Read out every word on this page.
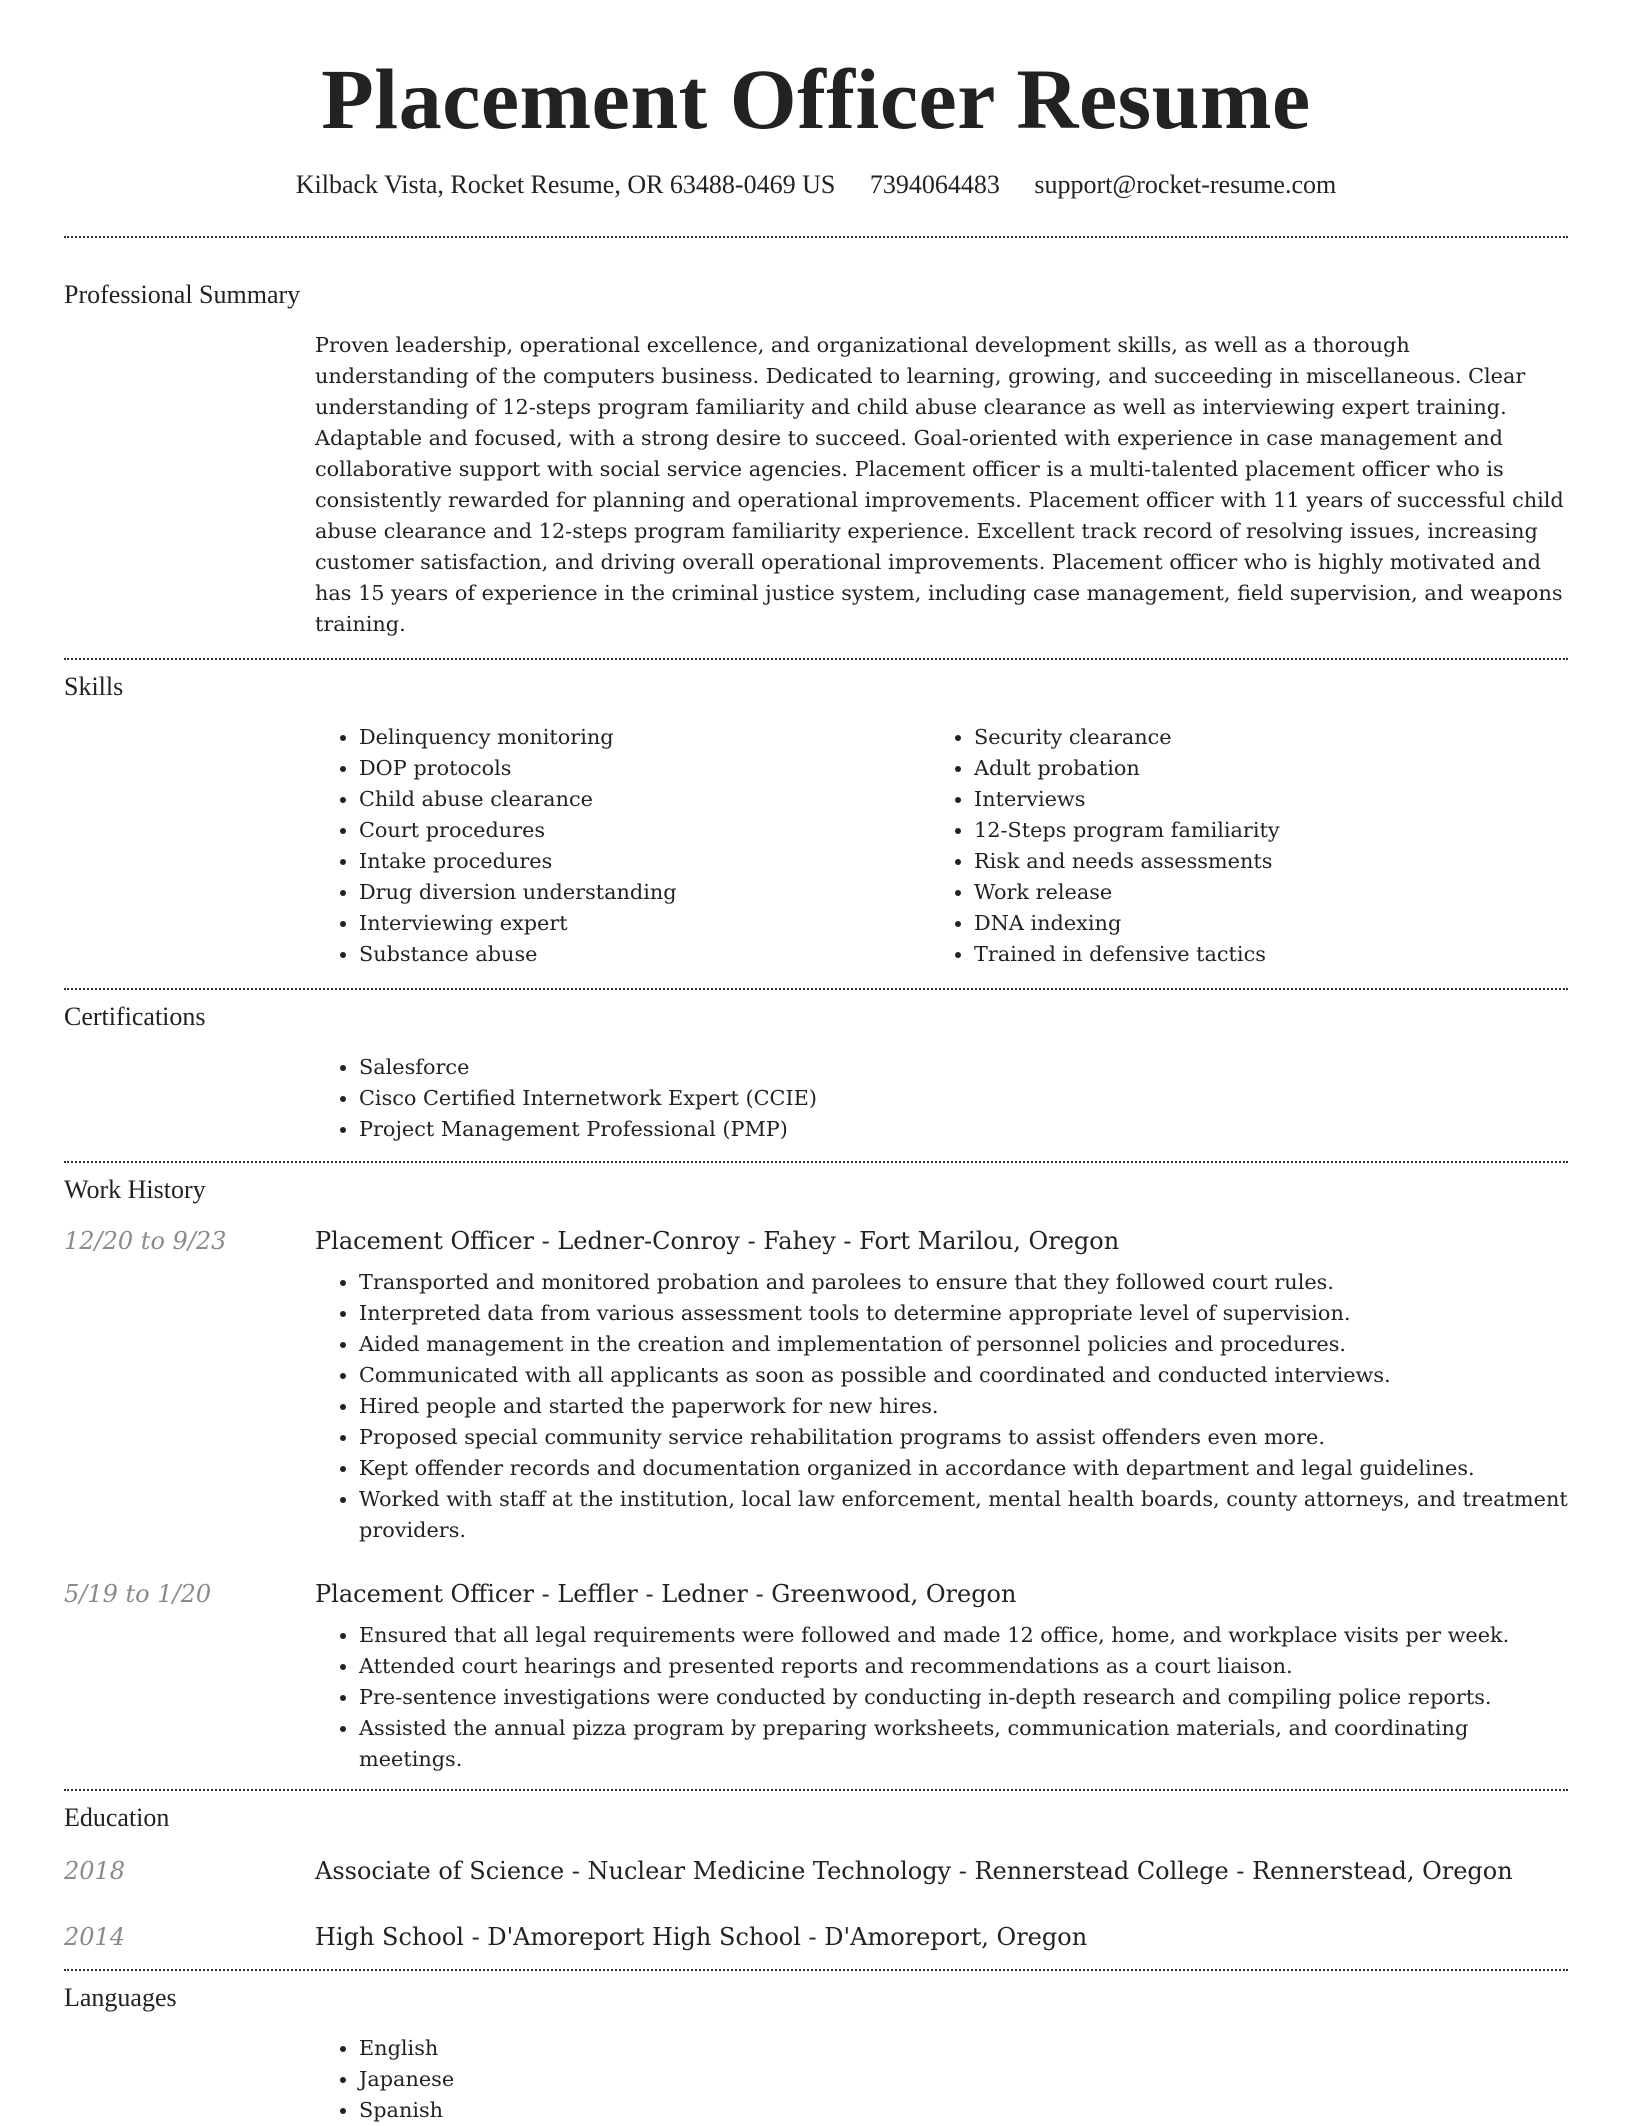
Placement Officer Resume
Kilback Vista, Rocket Resume, OR 63488-0469 US 7394064483 support@rocket-resume.com
Professional Summary
Proven leadership, operational excellence, and organizational development skills, as well as a thorough understanding of the computers business. Dedicated to learning, growing, and succeeding in miscellaneous. Clear understanding of 12-steps program familiarity and child abuse clearance as well as interviewing expert training. Adaptable and focused, with a strong desire to succeed. Goal-oriented with experience in case management and collaborative support with social service agencies. Placement officer is a multi-talented placement officer who is consistently rewarded for planning and operational improvements. Placement officer with 11 years of successful child abuse clearance and 12-steps program familiarity experience. Excellent track record of resolving issues, increasing customer satisfaction, and driving overall operational improvements. Placement officer who is highly motivated and has 15 years of experience in the criminal justice system, including case management, field supervision, and weapons training.
Skills
• Delinquency monitoring
• DOP protocols
• Child abuse clearance
• Court procedures
• Intake procedures
• Drug diversion understanding
• Interviewing expert
• Substance abuse
• Security clearance
• Adult probation
• Interviews
• 12-Steps program familiarity
• Risk and needs assessments
• Work release
• DNA indexing
• Trained in defensive tactics
Certifications
• Salesforce
• Cisco Certified Internetwork Expert (CCIE)
• Project Management Professional (PMP)
Work History
12/20 to 9/23	Placement Officer - Ledner-Conroy - Fahey - Fort Marilou, Oregon
• Transported and monitored probation and parolees to ensure that they followed court rules.
• Interpreted data from various assessment tools to determine appropriate level of supervision.
• Aided management in the creation and implementation of personnel policies and procedures.
• Communicated with all applicants as soon as possible and coordinated and conducted interviews.
• Hired people and started the paperwork for new hires.
• Proposed special community service rehabilitation programs to assist offenders even more.
• Kept offender records and documentation organized in accordance with department and legal guidelines.
• Worked with staff at the institution, local law enforcement, mental health boards, county attorneys, and treatment providers.
5/19 to 1/20	Placement Officer - Leffler - Ledner - Greenwood, Oregon
• Ensured that all legal requirements were followed and made 12 office, home, and workplace visits per week.
• Attended court hearings and presented reports and recommendations as a court liaison.
• Pre-sentence investigations were conducted by conducting in-depth research and compiling police reports.
• Assisted the annual pizza program by preparing worksheets, communication materials, and coordinating meetings.
Education
2018	Associate of Science - Nuclear Medicine Technology - Rennerstead College - Rennerstead, Oregon
2014	High School - D'Amoreport High School - D'Amoreport, Oregon
Languages
• English
• Japanese
• Spanish
